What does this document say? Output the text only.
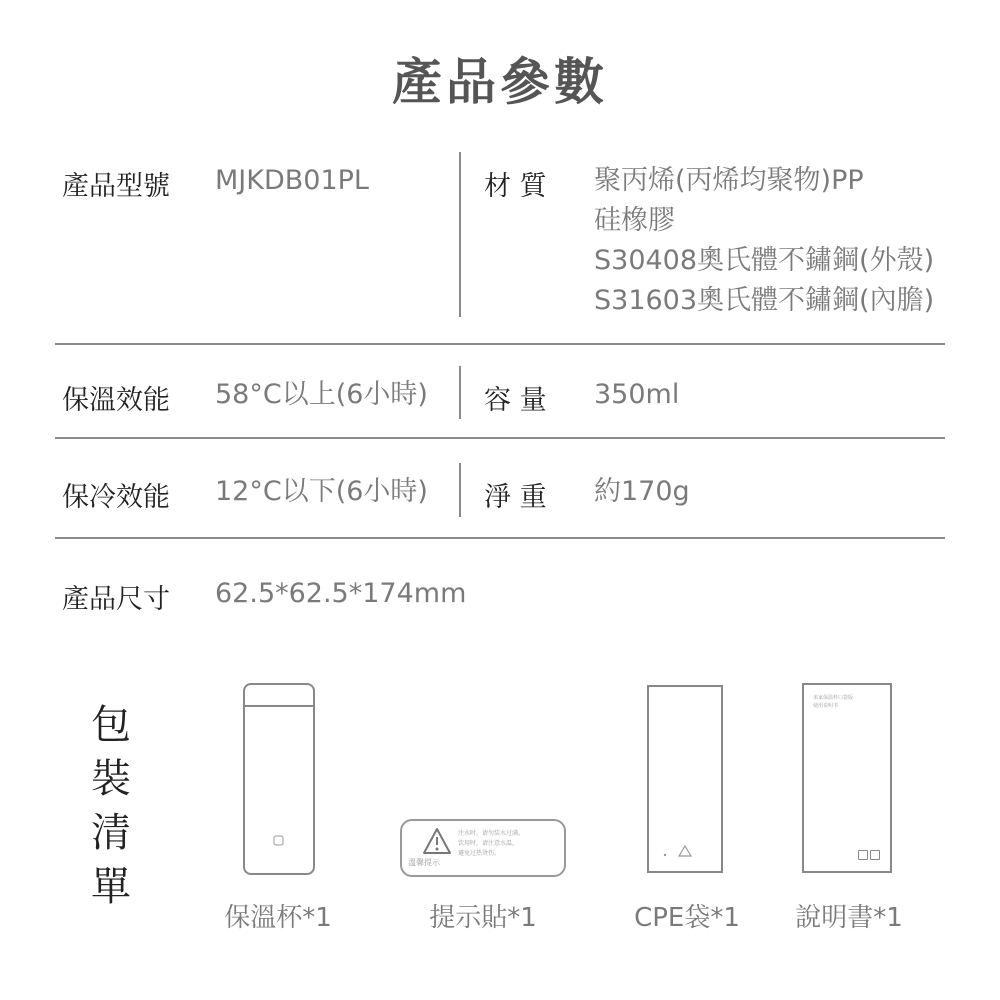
產品參數
產品型號 MJKDB01PL	材 質 聚丙烯(丙烯均聚物)PP
硅橡膠
S30408奧氏體不鏽鋼(外殼)
S31603奧氏體不鏽鋼(內膽)
保溫效能 58°C以上(6小時) 容 量 350ml
保冷效能 12°C以下(6小時) 淨 重 約170g
產品尺寸 62.5*62.5*174mm
包
裝
清
單
溫馨提示
注水时，请勿装水过满。
饮用时，请注意水温，
避免过热烫伤。
米家保温杯口袋版
使用说明书
保溫杯*1	提示貼*1	CPE袋*1	說明書*1
